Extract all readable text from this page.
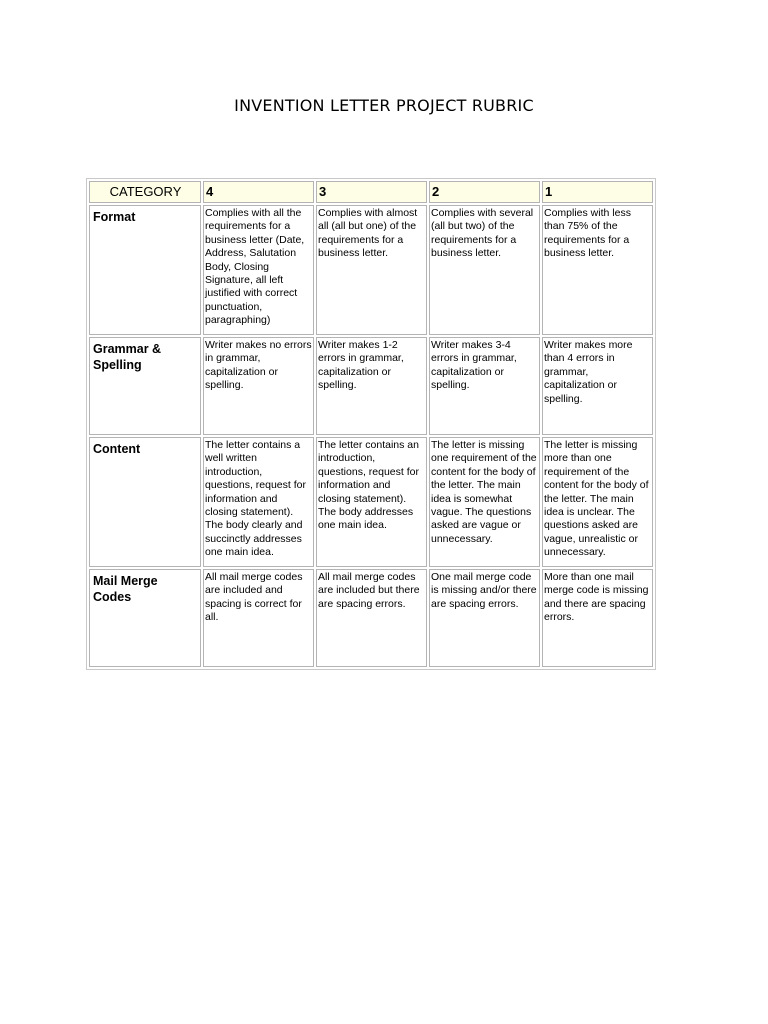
INVENTION LETTER PROJECT RUBRIC
CATEGORY	4	3	2	1
Format	Complies with all the requirements for a business letter (Date, Address, Salutation Body, Closing Signature, all left justified with correct punctuation, paragraphing)	Complies with almost all (all but one) of the requirements for a business letter.	Complies with several (all but two) of the requirements for a business letter.	Complies with less than 75% of the requirements for a business letter.
Grammar & Spelling	Writer makes no errors in grammar, capitalization or spelling.	Writer makes 1-2 errors in grammar, capitalization or spelling.	Writer makes 3-4 errors in grammar, capitalization or spelling.	Writer makes more than 4 errors in grammar, capitalization or spelling.
Content	The letter contains a well written introduction, questions, request for information and closing statement). The body clearly and succinctly addresses one main idea.	The letter contains an introduction, questions, request for information and closing statement). The body addresses one main idea.	The letter is missing one requirement of the content for the body of the letter. The main idea is somewhat vague. The questions asked are vague or unnecessary.	The letter is missing more than one requirement of the content for the body of the letter. The main idea is unclear. The questions asked are vague, unrealistic or unnecessary.
Mail Merge Codes	All mail merge codes are included and spacing is correct for all.	All mail merge codes are included but there are spacing errors.	One mail merge code is missing and/or there are spacing errors.	More than one mail merge code is missing and there are spacing errors.
